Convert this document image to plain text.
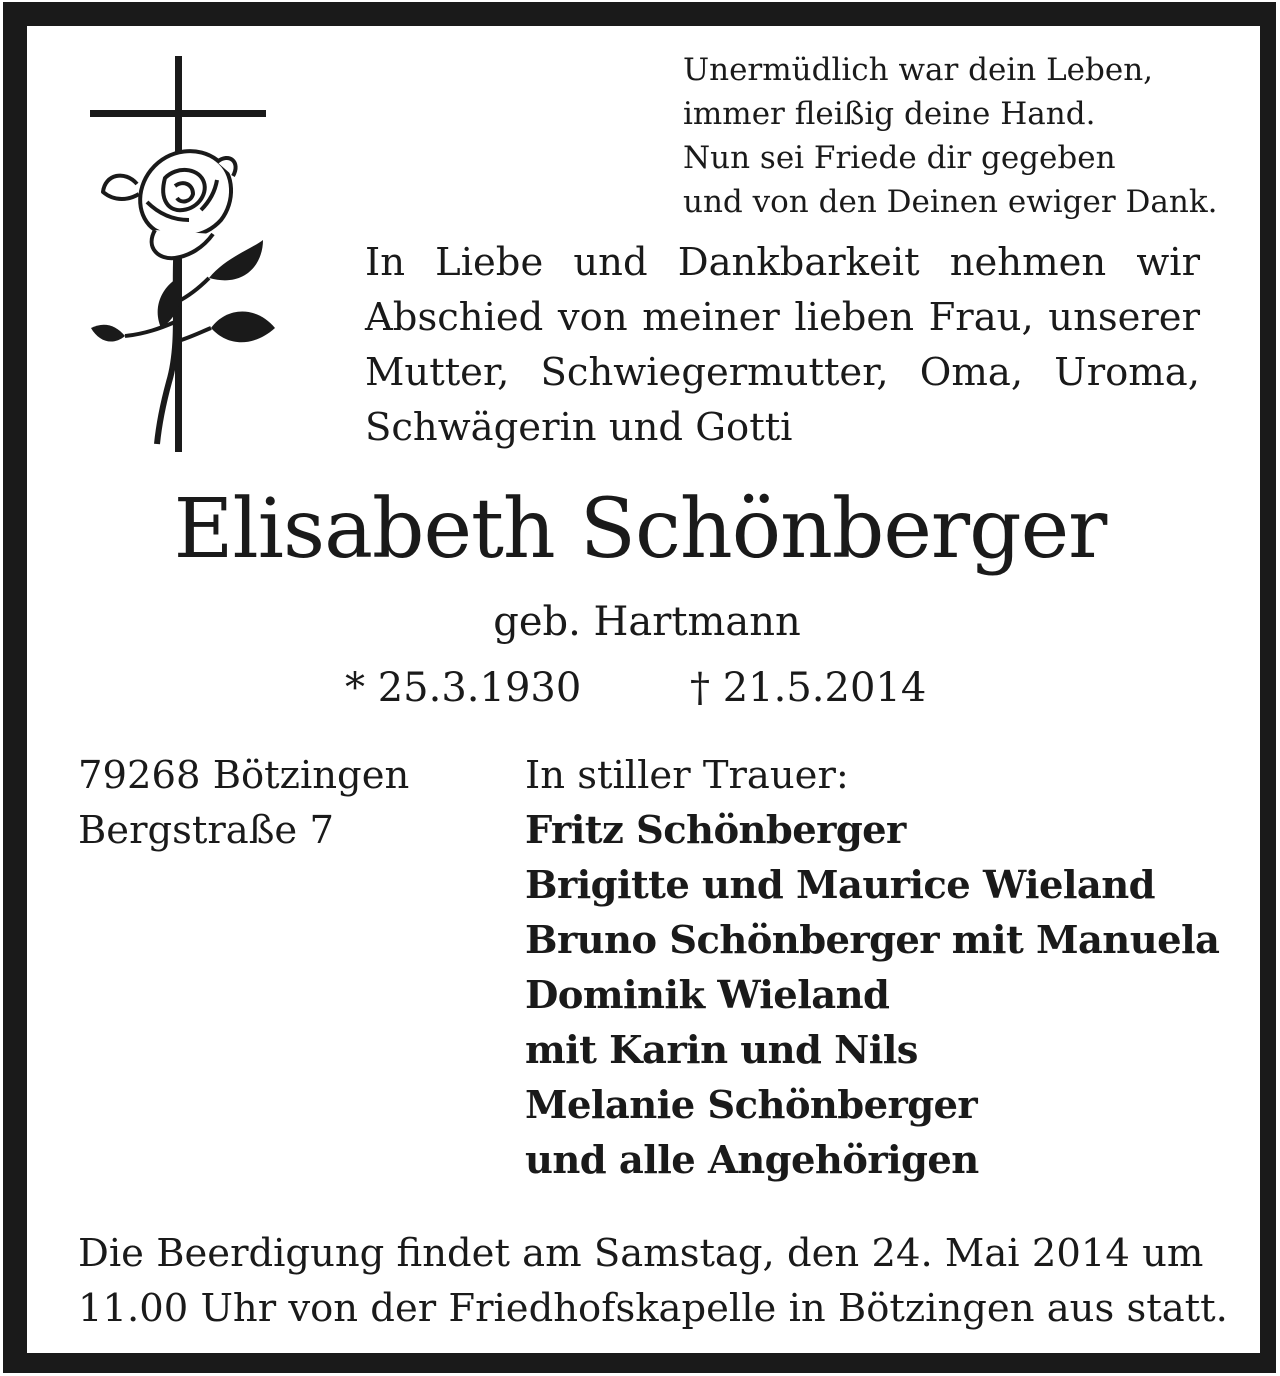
Unermüdlich war dein Leben,
immer fleißig deine Hand.
Nun sei Friede dir gegeben
und von den Deinen ewiger Dank.
In Liebe und Dankbarkeit nehmen wir
Abschied von meiner lieben Frau, unserer
Mutter, Schwiegermutter, Oma, Uroma,
Schwägerin und Gotti
Elisabeth Schönberger
geb. Hartmann
* 25.3.1930	† 21.5.2014
79268 Bötzingen
Bergstraße 7
In stiller Trauer:
Fritz Schönberger
Brigitte und Maurice Wieland
Bruno Schönberger mit Manuela
Dominik Wieland
mit Karin und Nils
Melanie Schönberger
und alle Angehörigen
Die Beerdigung findet am Samstag, den 24. Mai 2014 um
11.00 Uhr von der Friedhofskapelle in Bötzingen aus statt.
